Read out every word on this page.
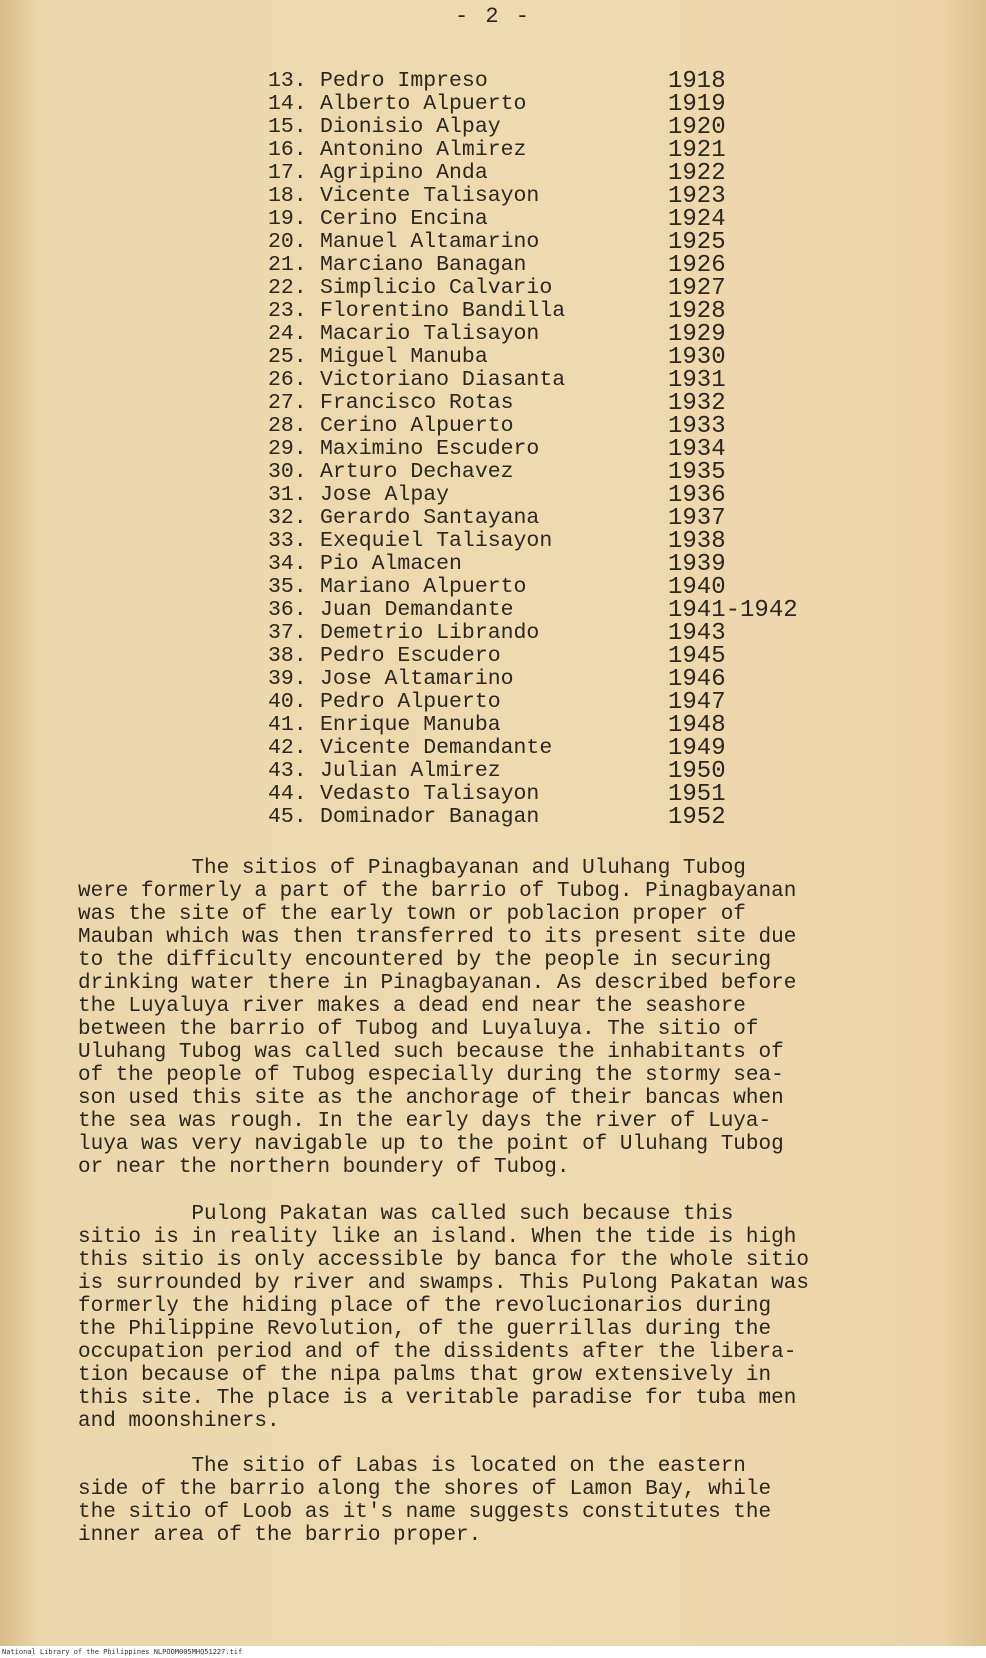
- 2 -
13. Pedro Impreso	1918
14. Alberto Alpuerto	1919
15. Dionisio Alpay	1920
16. Antonino Almirez	1921
17. Agripino Anda	1922
18. Vicente Talisayon	1923
19. Cerino Encina	1924
20. Manuel Altamarino	1925
21. Marciano Banagan	1926
22. Simplicio Calvario	1927
23. Florentino Bandilla	1928
24. Macario Talisayon	1929
25. Miguel Manuba	1930
26. Victoriano Diasanta	1931
27. Francisco Rotas	1932
28. Cerino Alpuerto	1933
29. Maximino Escudero	1934
30. Arturo Dechavez	1935
31. Jose Alpay	1936
32. Gerardo Santayana	1937
33. Exequiel Talisayon	1938
34. Pio Almacen	1939
35. Mariano Alpuerto	1940
36. Juan Demandante	1941-1942
37. Demetrio Librando	1943
38. Pedro Escudero	1945
39. Jose Altamarino	1946
40. Pedro Alpuerto	1947
41. Enrique Manuba	1948
42. Vicente Demandante	1949
43. Julian Almirez	1950
44. Vedasto Talisayon	1951
45. Dominador Banagan	1952

The sitios of Pinagbayanan and Uluhang Tubog
were formerly a part of the barrio of Tubog. Pinagbayanan
was the site of the early town or poblacion proper of
Mauban which was then transferred to its present site due
to the difficulty encountered by the people in securing
drinking water there in Pinagbayanan. As described before
the Luyaluya river makes a dead end near the seashore
between the barrio of Tubog and Luyaluya. The sitio of
Uluhang Tubog was called such because the inhabitants of
of the people of Tubog especially during the stormy sea-
son used this site as the anchorage of their bancas when
the sea was rough. In the early days the river of Luya-
luya was very navigable up to the point of Uluhang Tubog
or near the northern boundery of Tubog.

Pulong Pakatan was called such because this
sitio is in reality like an island. When the tide is high
this sitio is only accessible by banca for the whole sitio
is surrounded by river and swamps. This Pulong Pakatan was
formerly the hiding place of the revolucionarios during
the Philippine Revolution, of the guerrillas during the
occupation period and of the dissidents after the libera-
tion because of the nipa palms that grow extensively in
this site. The place is a veritable paradise for tuba men
and moonshiners.

The sitio of Labas is located on the eastern
side of the barrio along the shores of Lamon Bay, while
the sitio of Loob as it's name suggests constitutes the
inner area of the barrio proper.

National Library of the Philippines NLPOOM005MHQ51227.tif
